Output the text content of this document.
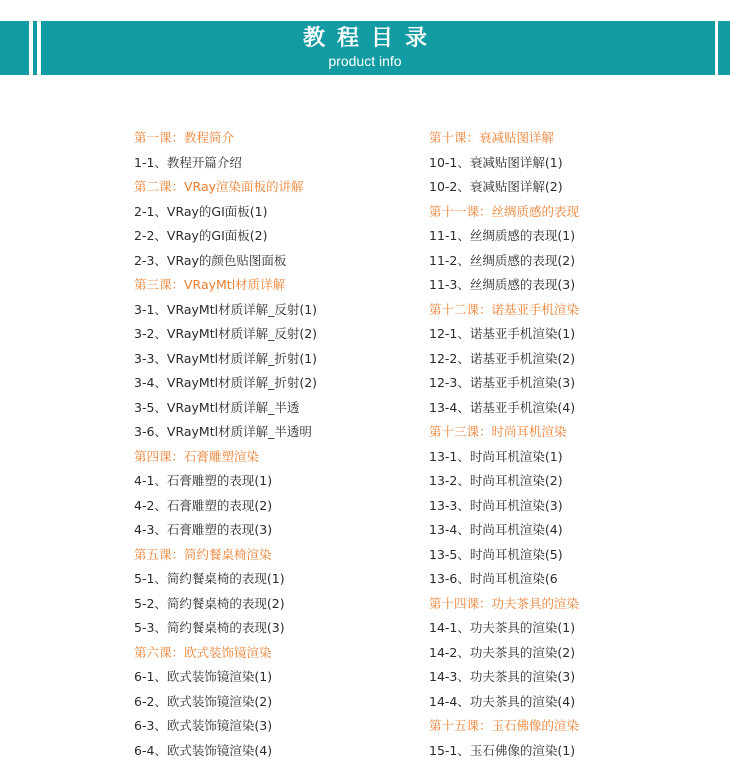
教程目录
product info
第一课：教程简介
1-1、教程开篇介绍
第二课：VRay渲染面板的讲解
2-1、VRay的GI面板(1)
2-2、VRay的GI面板(2)
2-3、VRay的颜色贴图面板
第三课：VRayMtl材质详解
3-1、VRayMtl材质详解_反射(1)
3-2、VRayMtl材质详解_反射(2)
3-3、VRayMtl材质详解_折射(1)
3-4、VRayMtl材质详解_折射(2)
3-5、VRayMtl材质详解_半透
3-6、VRayMtl材质详解_半透明
第四课：石膏雕塑渲染
4-1、石膏雕塑的表现(1)
4-2、石膏雕塑的表现(2)
4-3、石膏雕塑的表现(3)
第五课：简约餐桌椅渲染
5-1、简约餐桌椅的表现(1)
5-2、简约餐桌椅的表现(2)
5-3、简约餐桌椅的表现(3)
第六课：欧式装饰镜渲染
6-1、欧式装饰镜渲染(1)
6-2、欧式装饰镜渲染(2)
6-3、欧式装饰镜渲染(3)
6-4、欧式装饰镜渲染(4)
第十课：衰减贴图详解
10-1、衰减贴图详解(1)
10-2、衰减贴图详解(2)
第十一课：丝绸质感的表现
11-1、丝绸质感的表现(1)
11-2、丝绸质感的表现(2)
11-3、丝绸质感的表现(3)
第十二课：诺基亚手机渲染
12-1、诺基亚手机渲染(1)
12-2、诺基亚手机渲染(2)
12-3、诺基亚手机渲染(3)
13-4、诺基亚手机渲染(4)
第十三课：时尚耳机渲染
13-1、时尚耳机渲染(1)
13-2、时尚耳机渲染(2)
13-3、时尚耳机渲染(3)
13-4、时尚耳机渲染(4)
13-5、时尚耳机渲染(5)
13-6、时尚耳机渲染(6
第十四课：功夫茶具的渲染
14-1、功夫茶具的渲染(1)
14-2、功夫茶具的渲染(2)
14-3、功夫茶具的渲染(3)
14-4、功夫茶具的渲染(4)
第十五课：玉石佛像的渲染
15-1、玉石佛像的渲染(1)
